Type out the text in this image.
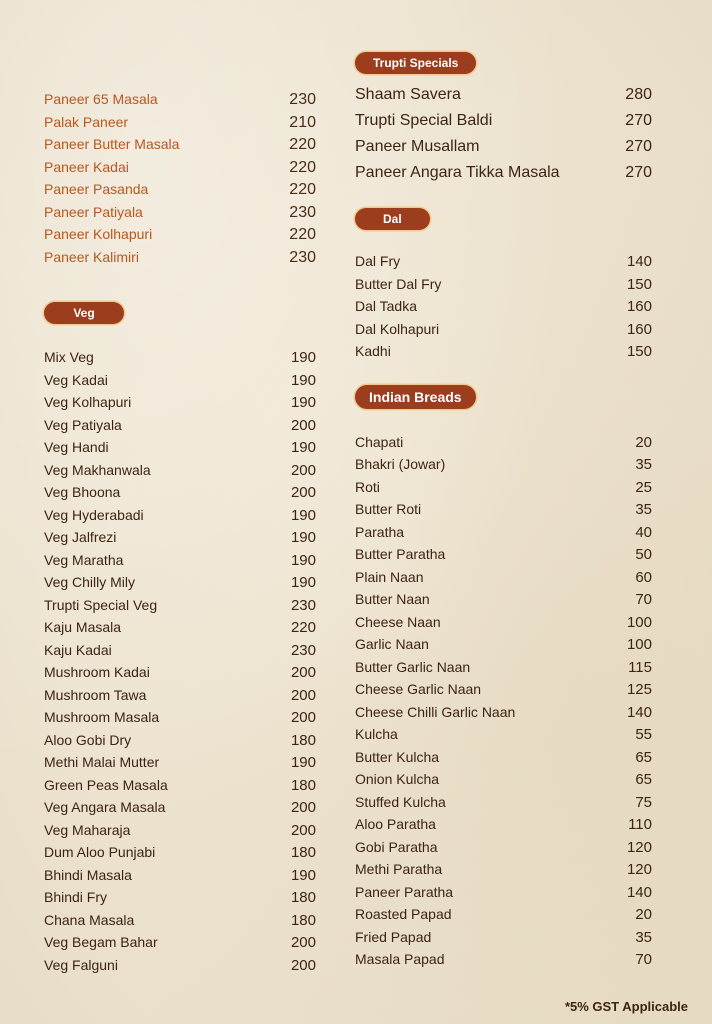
Paneer 65 Masala	230
Palak Paneer	210
Paneer Butter Masala	220
Paneer Kadai	220
Paneer Pasanda	220
Paneer Patiyala	230
Paneer Kolhapuri	220
Paneer Kalimiri	230
Veg
Mix Veg	190
Veg Kadai	190
Veg Kolhapuri	190
Veg Patiyala	200
Veg Handi	190
Veg Makhanwala	200
Veg Bhoona	200
Veg Hyderabadi	190
Veg Jalfrezi	190
Veg Maratha	190
Veg Chilly Mily	190
Trupti Special Veg	230
Kaju Masala	220
Kaju Kadai	230
Mushroom Kadai	200
Mushroom Tawa	200
Mushroom Masala	200
Aloo Gobi Dry	180
Methi Malai Mutter	190
Green Peas Masala	180
Veg Angara Masala	200
Veg Maharaja	200
Dum Aloo Punjabi	180
Bhindi Masala	190
Bhindi Fry	180
Chana Masala	180
Veg Begam Bahar	200
Veg Falguni	200
Trupti Specials
Shaam Savera	280
Trupti Special Baldi	270
Paneer Musallam	270
Paneer Angara Tikka Masala	270
Dal
Dal Fry	140
Butter Dal Fry	150
Dal Tadka	160
Dal Kolhapuri	160
Kadhi	150
Indian Breads
Chapati	20
Bhakri (Jowar)	35
Roti	25
Butter Roti	35
Paratha	40
Butter Paratha	50
Plain Naan	60
Butter Naan	70
Cheese Naan	100
Garlic Naan	100
Butter Garlic Naan	115
Cheese Garlic Naan	125
Cheese Chilli Garlic Naan	140
Kulcha	55
Butter Kulcha	65
Onion Kulcha	65
Stuffed Kulcha	75
Aloo Paratha	110
Gobi Paratha	120
Methi Paratha	120
Paneer Paratha	140
Roasted Papad	20
Fried Papad	35
Masala Papad	70
*5% GST Applicable
